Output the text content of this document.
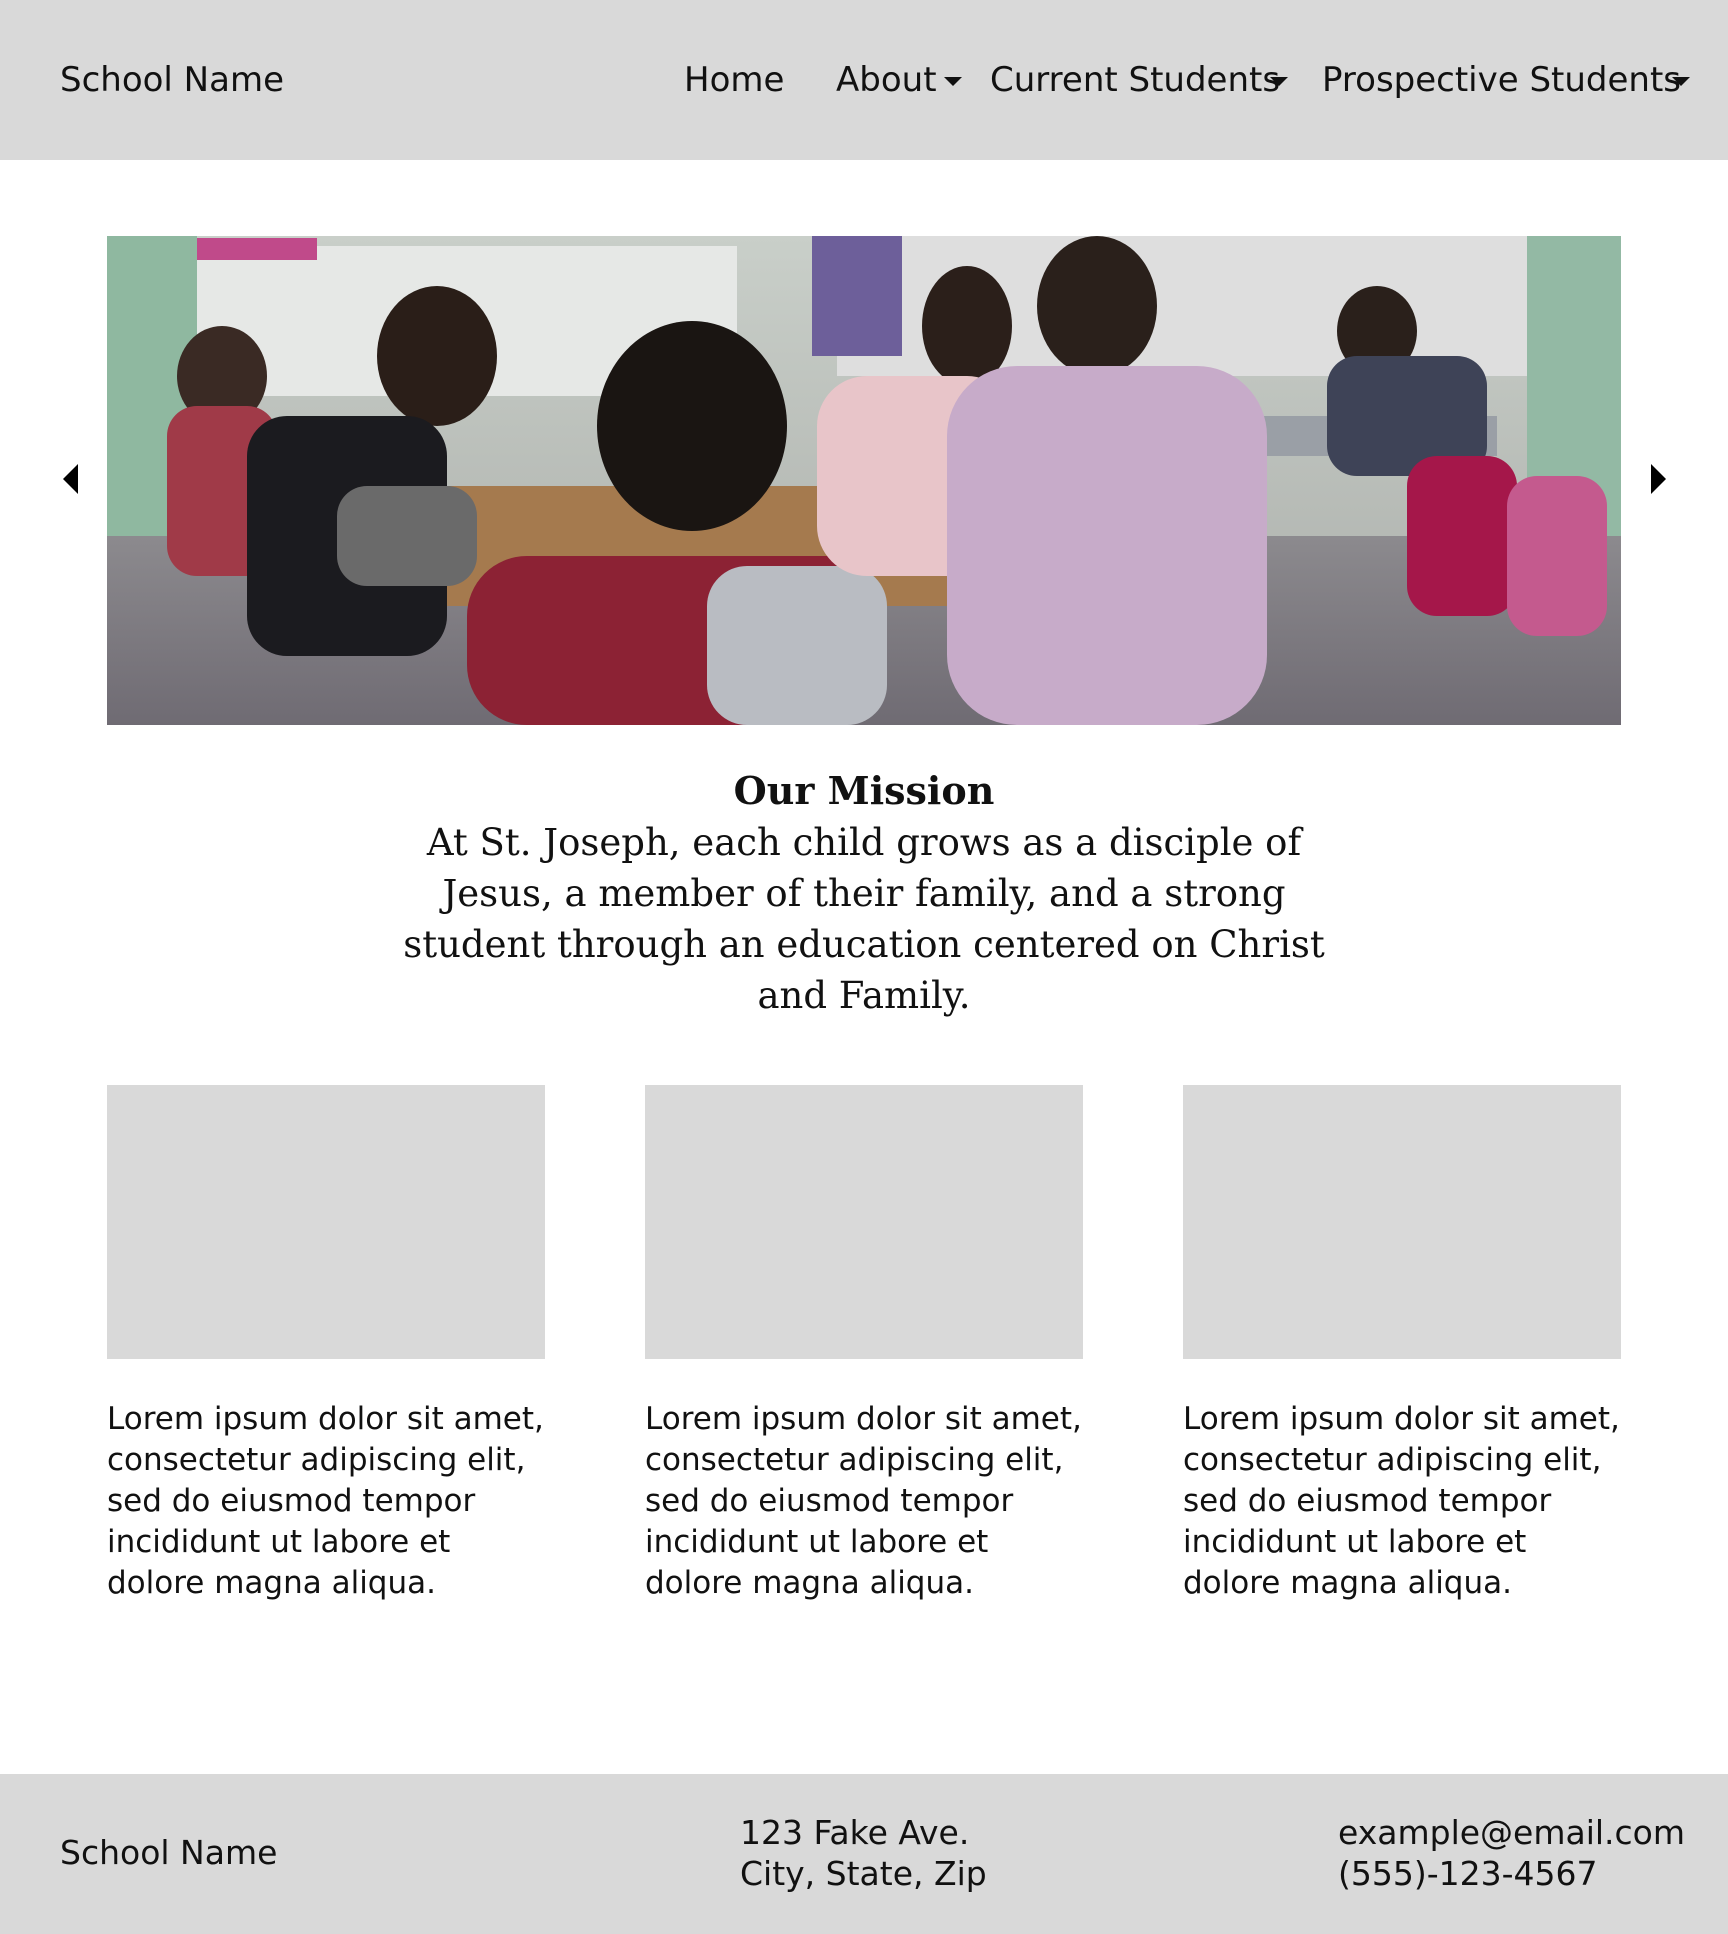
School Name	Home About Current Students Prospective Students
Our Mission

At St. Joseph, each child grows as a disciple of Jesus, a member of their family, and a strong student through an education centered on Christ and Family.

Lorem ipsum dolor sit amet, consectetur adipiscing elit, sed do eiusmod tempor incididunt ut labore et dolore magna aliqua.

Lorem ipsum dolor sit amet, consectetur adipiscing elit, sed do eiusmod tempor incididunt ut labore et dolore magna aliqua.

Lorem ipsum dolor sit amet, consectetur adipiscing elit, sed do eiusmod tempor incididunt ut labore et dolore magna aliqua.

School Name
123 Fake Ave.
City, State, Zip
example@email.com
(555)-123-4567
